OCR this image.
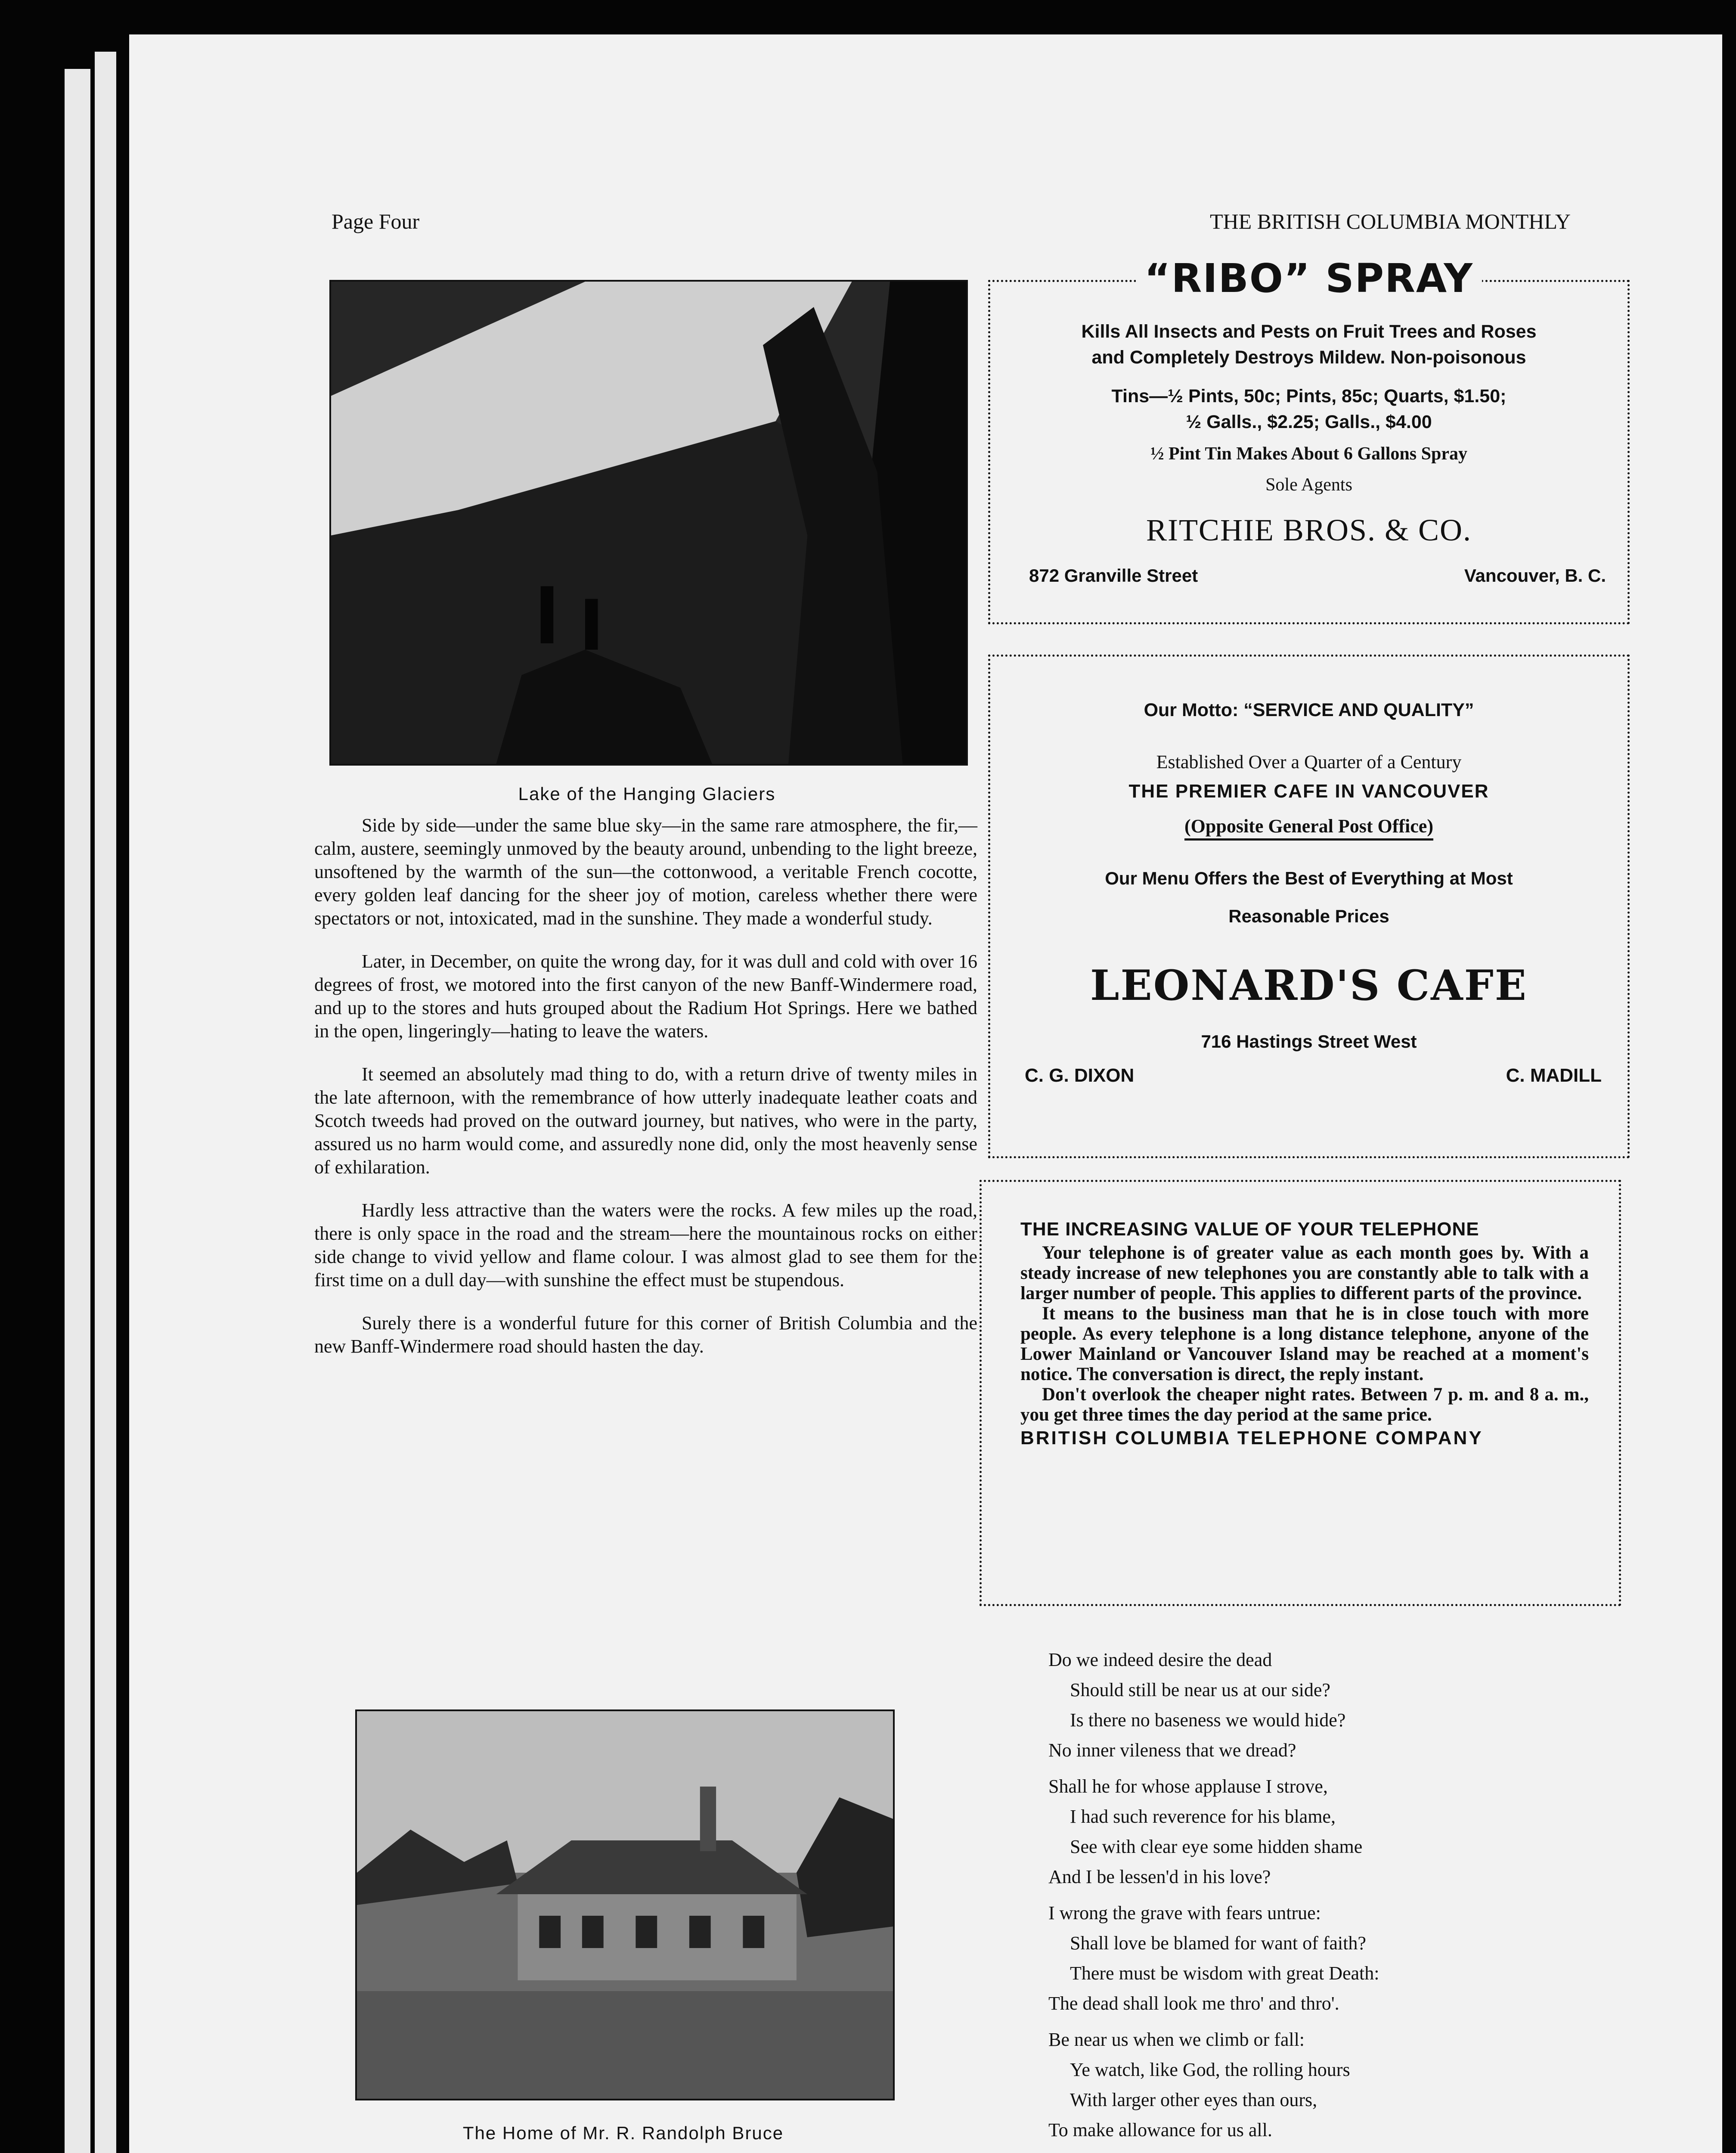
Page Four	THE BRITISH COLUMBIA MONTHLY
Lake of the Hanging Glaciers

Side by side—under the same blue sky—in the same rare atmosphere, the fir,—calm, austere, seemingly unmoved by the beauty around, unbending to the light breeze, unsoftened by the warmth of the sun—the cottonwood, a veritable French cocotte, every golden leaf dancing for the sheer joy of motion, careless whether there were spectators or not, intoxicated, mad in the sunshine. They made a wonderful study.

Later, in December, on quite the wrong day, for it was dull and cold with over 16 degrees of frost, we motored into the first canyon of the new Banff-Windermere road, and up to the stores and huts grouped about the Radium Hot Springs. Here we bathed in the open, lingeringly—hating to leave the waters.

It seemed an absolutely mad thing to do, with a return drive of twenty miles in the late afternoon, with the remembrance of how utterly inadequate leather coats and Scotch tweeds had proved on the outward journey, but natives, who were in the party, assured us no harm would come, and assuredly none did, only the most heavenly sense of exhilaration.

Hardly less attractive than the waters were the rocks. A few miles up the road, there is only space in the road and the stream—here the mountainous rocks on either side change to vivid yellow and flame colour. I was almost glad to see them for the first time on a dull day—with sunshine the effect must be stupendous.

Surely there is a wonderful future for this corner of British Columbia and the new Banff-Windermere road should hasten the day.

The Home of Mr. R. Randolph Bruce
“RIBO” SPRAY
Kills All Insects and Pests on Fruit Trees and Roses
and Completely Destroys Mildew. Non-poisonous
Tins—½ Pints, 50c; Pints, 85c; Quarts, $1.50;
½ Galls., $2.25; Galls., $4.00
½ Pint Tin Makes About 6 Gallons Spray
Sole Agents
RITCHIE BROS. & CO.
872 Granville Street	Vancouver, B. C.
Our Motto: “SERVICE AND QUALITY”
Established Over a Quarter of a Century
THE PREMIER CAFE IN VANCOUVER
(Opposite General Post Office)
Our Menu Offers the Best of Everything at Most
Reasonable Prices
LEONARD'S CAFE
716 Hastings Street West
C. G. DIXON	C. MADILL
THE INCREASING VALUE OF YOUR TELEPHONE
Your telephone is of greater value as each month goes by. With a steady increase of new telephones you are constantly able to talk with a larger number of people. This applies to different parts of the province.
It means to the business man that he is in close touch with more people. As every telephone is a long distance telephone, anyone of the Lower Mainland or Vancouver Island may be reached at a moment's notice. The conversation is direct, the reply instant.
Don't overlook the cheaper night rates. Between 7 p. m. and 8 a. m., you get three times the day period at the same price.
BRITISH COLUMBIA TELEPHONE COMPANY
Do we indeed desire the dead
Should still be near us at our side?
Is there no baseness we would hide?
No inner vileness that we dread?
Shall he for whose applause I strove,
I had such reverence for his blame,
See with clear eye some hidden shame
And I be lessen'd in his love?
I wrong the grave with fears untrue:
Shall love be blamed for want of faith?
There must be wisdom with great Death:
The dead shall look me thro' and thro'.
Be near us when we climb or fall:
Ye watch, like God, the rolling hours
With larger other eyes than ours,
To make allowance for us all.
